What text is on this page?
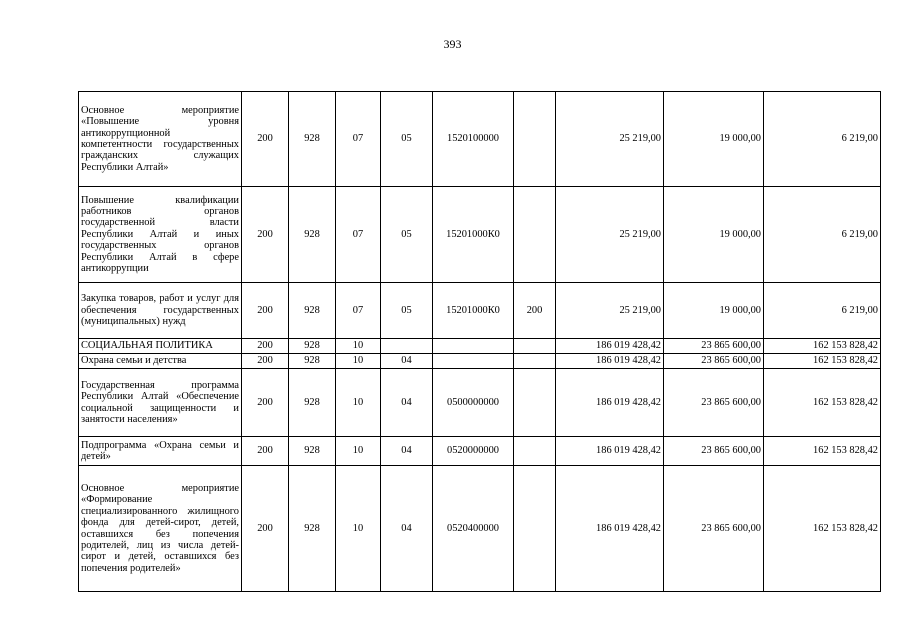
393
Основное мероприятие «Повышение уровня антикоррупционной компетентности государственных гражданских служащих Республики Алтай»	200	928	07	05	1520100000		25 219,00	19 000,00	6 219,00
Повышение квалификации работников органов государственной власти Республики Алтай и иных государственных органов Республики Алтай в сфере антикоррупции	200	928	07	05	15201000К0		25 219,00	19 000,00	6 219,00
Закупка товаров, работ и услуг для обеспечения государственных (муниципальных) нужд	200	928	07	05	15201000К0	200	25 219,00	19 000,00	6 219,00
СОЦИАЛЬНАЯ ПОЛИТИКА	200	928	10				186 019 428,42	23 865 600,00	162 153 828,42
Охрана семьи и детства	200	928	10	04			186 019 428,42	23 865 600,00	162 153 828,42
Государственная программа Республики Алтай «Обеспечение социальной защищенности и занятости населения»	200	928	10	04	0500000000		186 019 428,42	23 865 600,00	162 153 828,42
Подпрограмма «Охрана семьи и детей»	200	928	10	04	0520000000		186 019 428,42	23 865 600,00	162 153 828,42
Основное мероприятие «Формирование специализированного жилищного фонда для детей-сирот, детей, оставшихся без попечения родителей, лиц из числа детей-сирот и детей, оставшихся без попечения родителей»	200	928	10	04	0520400000		186 019 428,42	23 865 600,00	162 153 828,42
